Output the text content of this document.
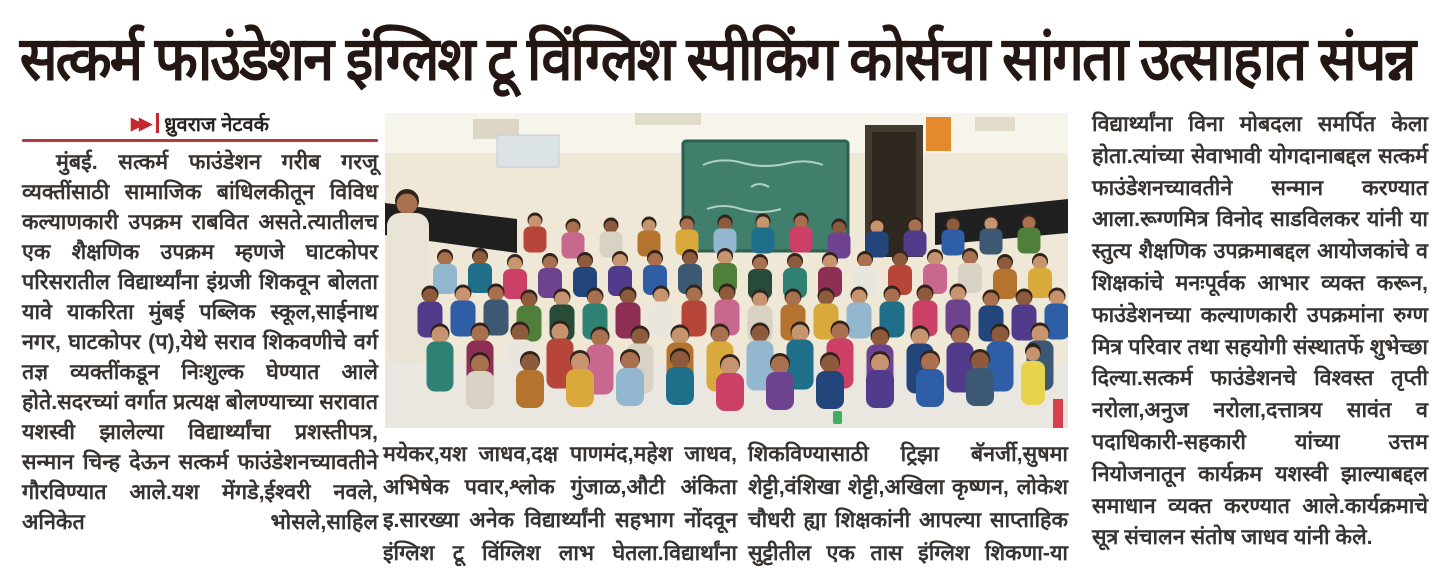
सत्कर्म फाउंडेशन इंग्लिश टू विंग्लिश स्पीकिंग कोर्सचा सांगता उत्साहात संपन्न
▶▶ ध्रुवराज नेटवर्क
मुंबई. सत्कर्म फाउंडेशन गरीब गरजू व्यक्तींसाठी सामाजिक बांधिलकीतून विविध कल्याणकारी उपक्रम राबवित असते.त्यातीलच एक शैक्षणिक उपक्रम म्हणजे घाटकोपर परिसरातील विद्यार्थ्यांना इंग्रजी शिकवून बोलता यावे याकरिता मुंबई पब्लिक स्कूल,साईनाथ नगर, घाटकोपर (प),येथे सराव शिकवणीचे वर्ग तज्ञ व्यक्तींकडून निःशुल्क घेण्यात आले होते.सदरच्यां वर्गात प्रत्यक्ष बोलण्याच्या सरावात यशस्वी झालेल्या विद्यार्थ्यांचा प्रशस्तीपत्र, सन्मान चिन्ह देऊन सत्कर्म फाउंडेशनच्यावतीने गौरविण्यात आले.यश मेंगडे,ईश्वरी नवले, अनिकेत भोसले,साहिल
मयेकर,यश जाधव,दक्ष पाणमंद,महेश जाधव, अभिषेक पवार,श्लोक गुंजाळ,औटी अंकिता इ.सारख्या अनेक विद्यार्थ्यांनी सहभाग नोंदवून इंग्लिश टू विंग्लिश लाभ घेतला.विद्यार्थांना
शिकविण्यासाठी ट्रिझा बॅनर्जी,सुषमा शेट्टी,वंशिखा शेट्टी,अखिला कृष्णन, लोकेश चौधरी ह्या शिक्षकांनी आपल्या साप्ताहिक सुट्टीतील एक तास इंग्लिश शिकणा-या
विद्यार्थ्यांना विना मोबदला समर्पित केला होता.त्यांच्या सेवाभावी योगदानाबद्दल सत्कर्म फाउंडेशनच्यावतीने सन्मान करण्यात आला.रूग्णमित्र विनोद साडविलकर यांनी या स्तुत्य शैक्षणिक उपक्रमाबद्दल आयोजकांचे व शिक्षकांचे मनःपूर्वक आभार व्यक्त करून, फाउंडेशनच्या कल्याणकारी उपक्रमांना रुग्ण मित्र परिवार तथा सहयोगी संस्थातर्फे शुभेच्छा दिल्या.सत्कर्म फाउंडेशनचे विश्वस्त तृप्ती नरोला,अनुज नरोला,दत्तात्रय सावंत व पदाधिकारी-सहकारी यांच्या उत्तम नियोजनातून कार्यक्रम यशस्वी झाल्याबद्दल समाधान व्यक्त करण्यात आले.कार्यक्रमाचे सूत्र संचालन संतोष जाधव यांनी केले.
